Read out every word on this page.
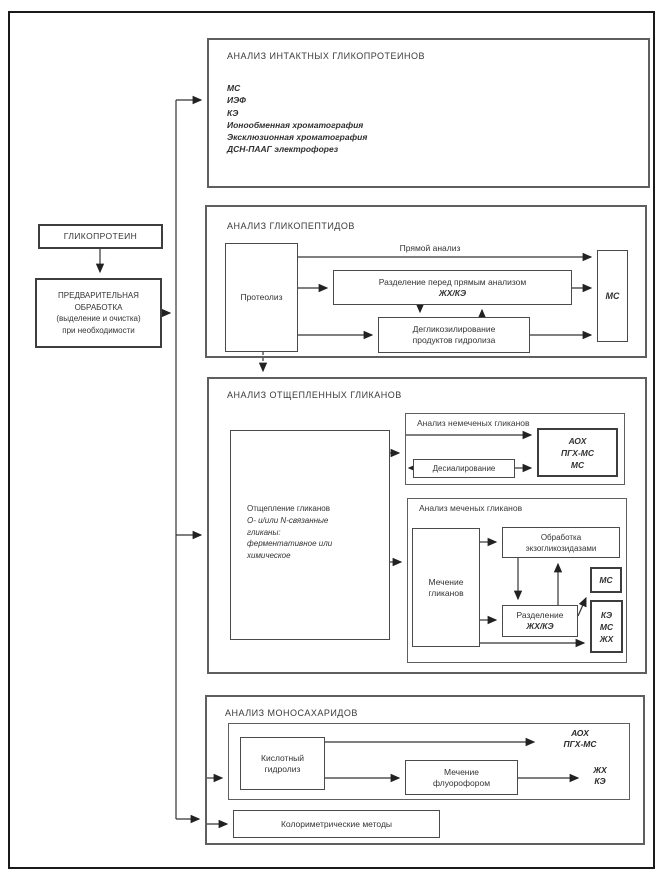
ГЛИКОПРОТЕИН
ПРЕДВАРИТЕЛЬНАЯ
ОБРАБОТКА
(выделение и очистка)
при необходимости
АНАЛИЗ ИНТАКТНЫХ ГЛИКОПРОТЕИНОВ
МС
ИЭФ
КЭ
Ионообменная хроматография
Эксклюзионная хроматография
ДСН-ПААГ электрофорез
АНАЛИЗ ГЛИКОПЕПТИДОВ
Протеолиз
Прямой анализ
Разделение перед прямым анализом
ЖХ/КЭ
Дегликозилирование
продуктов гидролиза
МС
АНАЛИЗ ОТЩЕПЛЕННЫХ ГЛИКАНОВ
Отщепление гликанов
О- и/или N-связанные
гликаны:
ферментативное или
химическое
Анализ немеченых гликанов
Десиалирование
АОХ
ПГХ-МС
МС
Анализ меченых гликанов
Мечение
гликанов
Обработка
экзогликозидазами
МС
Разделение
ЖХ/КЭ
КЭ
МС
ЖХ
АНАЛИЗ МОНОСАХАРИДОВ
Кислотный
гидролиз	Мечение
флуорофором
АОХ
ПГХ-МС
ЖХ
КЭ
Колориметрические методы
